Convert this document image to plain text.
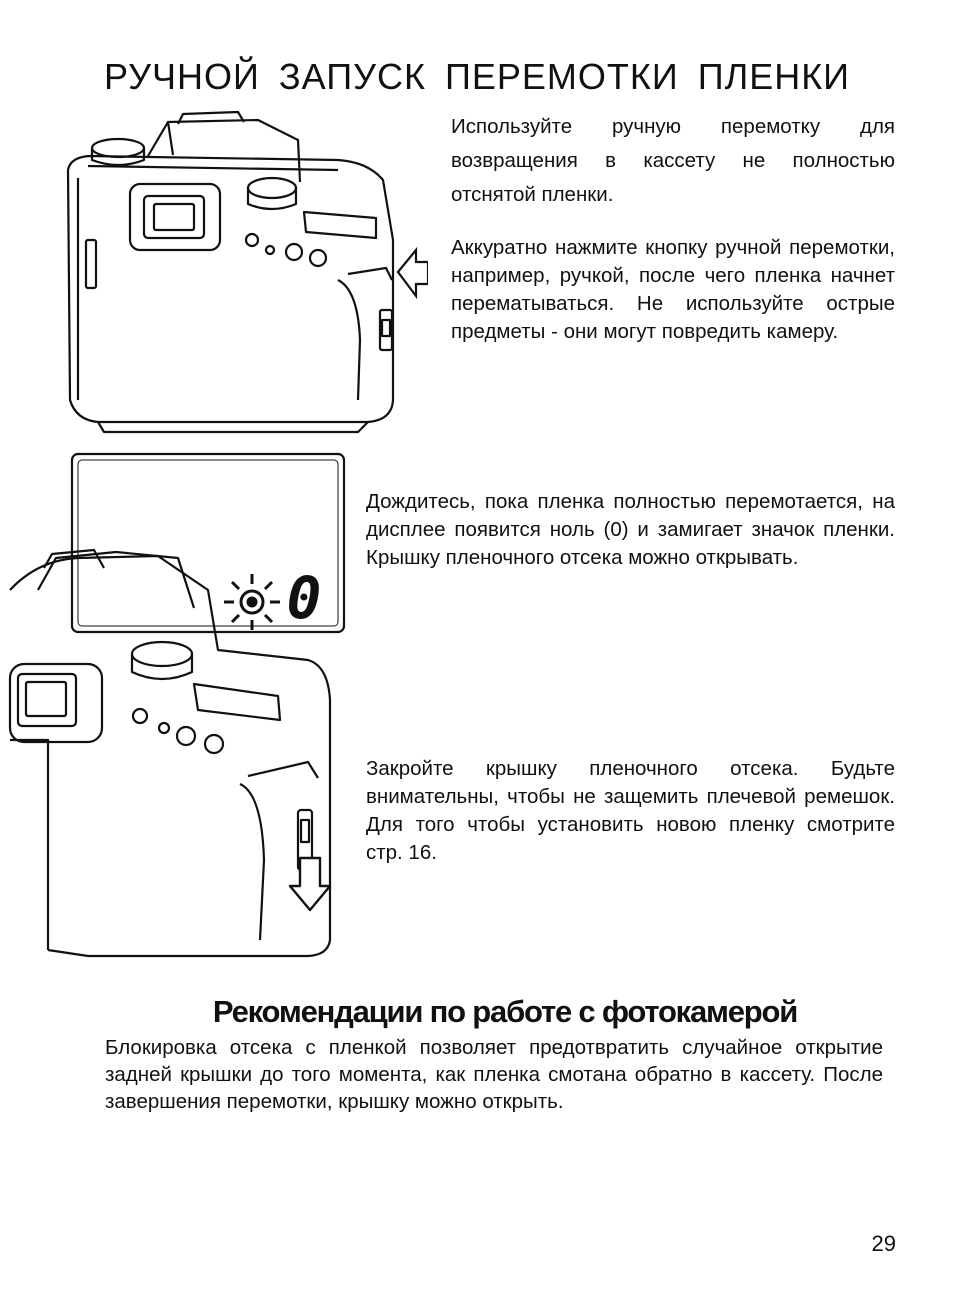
РУЧНОЙ ЗАПУСК ПЕРЕМОТКИ ПЛЕНКИ

Используйте ручную перемотку для возвращения в кассету не полностью отснятой пленки.

Аккуратно нажмите кнопку ручной перемотки, например, ручкой, после чего пленка начнет перематываться. Не используйте острые предметы - они могут повредить камеру.

0

Дождитесь, пока пленка полностью перемотается, на дисплее появится ноль (0) и замигает значок пленки. Крышку пленочного отсека можно открывать.

Закройте крышку пленочного отсека. Будьте внимательны, чтобы не защемить плечевой ремешок. Для того чтобы установить новою пленку смотрите стр. 16.

Рекомендации по работе с фотокамерой

Блокировка отсека с пленкой позволяет предотвратить случайное открытие задней крышки до того момента, как пленка смотана обратно в кассету. После завершения перемотки, крышку можно открыть.

29
